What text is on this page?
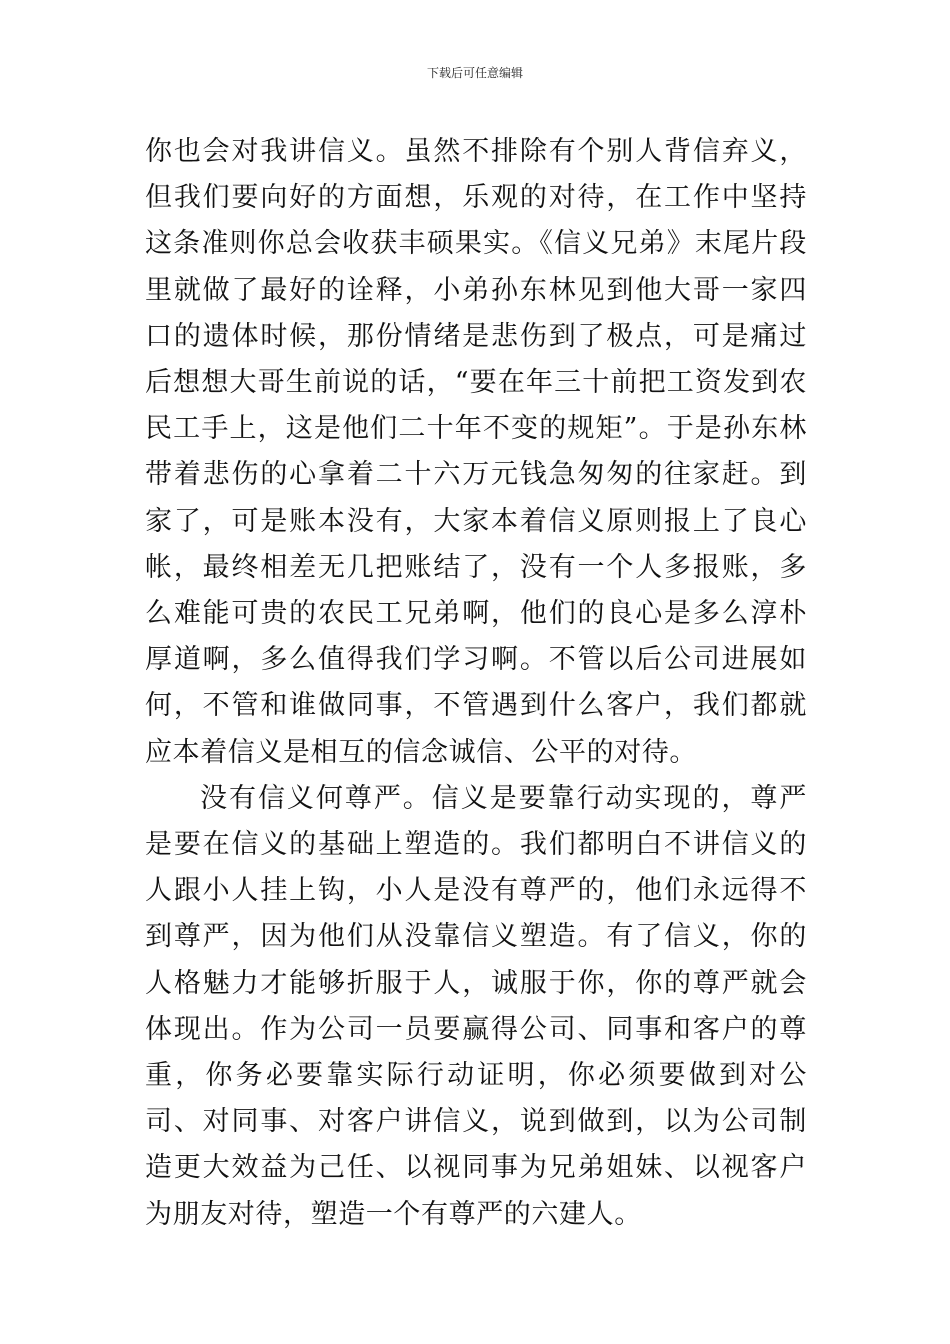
下载后可任意编辑

你也会对我讲信义。虽然不排除有个别人背信弃义，但我们要向好的方面想，乐观的对待，在工作中坚持这条准则你总会收获丰硕果实。《信义兄弟》末尾片段里就做了最好的诠释，小弟孙东林见到他大哥一家四口的遗体时候，那份情绪是悲伤到了极点，可是痛过后想想大哥生前说的话，“要在年三十前把工资发到农民工手上，这是他们二十年不变的规矩”。于是孙东林带着悲伤的心拿着二十六万元钱急匆匆的往家赶。到家了，可是账本没有，大家本着信义原则报上了良心帐，最终相差无几把账结了，没有一个人多报账，多么难能可贵的农民工兄弟啊，他们的良心是多么淳朴厚道啊，多么值得我们学习啊。不管以后公司进展如何，不管和谁做同事，不管遇到什么客户，我们都就应本着信义是相互的信念诚信、公平的对待。

没有信义何尊严。信义是要靠行动实现的，尊严是要在信义的基础上塑造的。我们都明白不讲信义的人跟小人挂上钩，小人是没有尊严的，他们永远得不到尊严，因为他们从没靠信义塑造。有了信义，你的人格魅力才能够折服于人，诚服于你，你的尊严就会体现出。作为公司一员要赢得公司、同事和客户的尊重，你务必要靠实际行动证明，你必须要做到对公司、对同事、对客户讲信义，说到做到，以为公司制造更大效益为己任、以视同事为兄弟姐妹、以视客户为朋友对待，塑造一个有尊严的六建人。
